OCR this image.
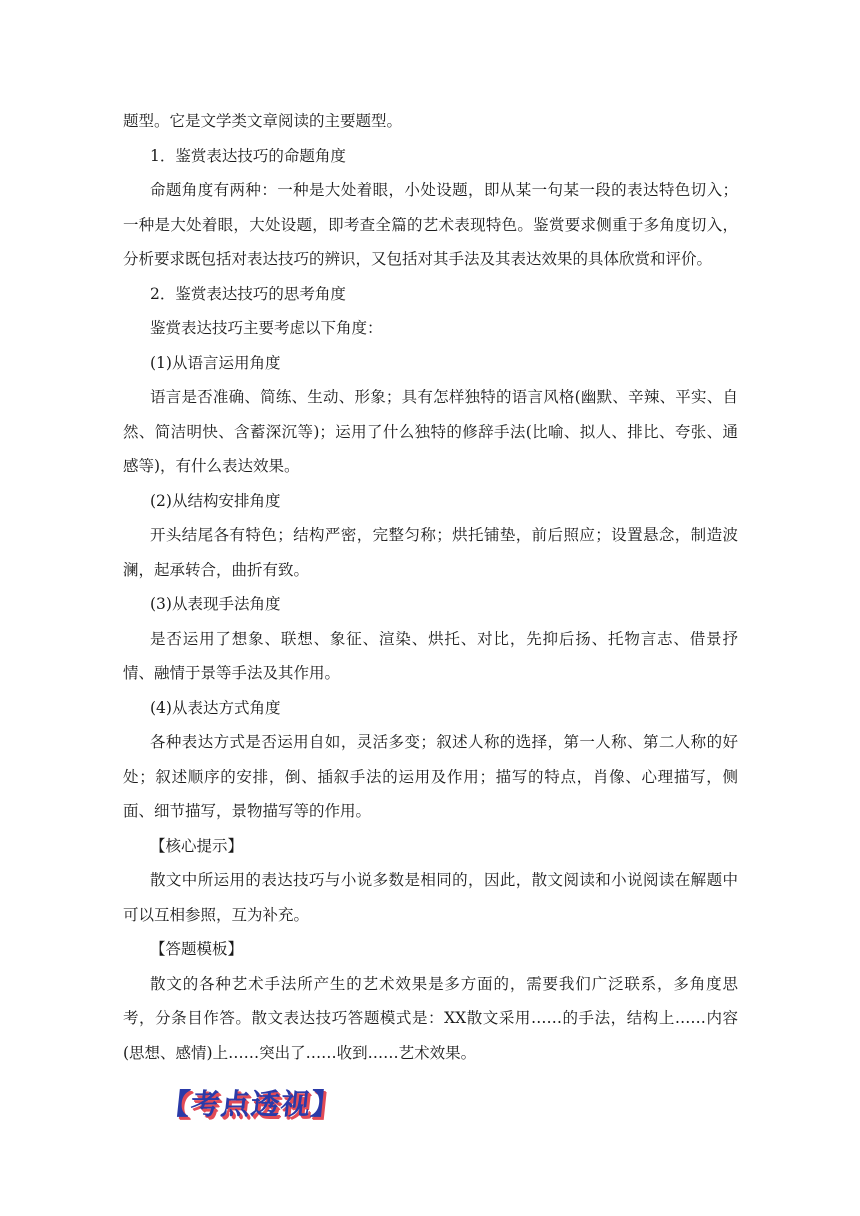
题型。它是文学类文章阅读的主要题型。

1．鉴赏表达技巧的命题角度

命题角度有两种：一种是大处着眼，小处设题，即从某一句某一段的表达特色切入；一种是大处着眼，大处设题，即考查全篇的艺术表现特色。鉴赏要求侧重于多角度切入，分析要求既包括对表达技巧的辨识，又包括对其手法及其表达效果的具体欣赏和评价。

2．鉴赏表达技巧的思考角度

鉴赏表达技巧主要考虑以下角度：

(1)从语言运用角度

语言是否准确、简练、生动、形象；具有怎样独特的语言风格(幽默、辛辣、平实、自然、简洁明快、含蓄深沉等)；运用了什么独特的修辞手法(比喻、拟人、排比、夸张、通感等)，有什么表达效果。

(2)从结构安排角度

开头结尾各有特色；结构严密，完整匀称；烘托铺垫，前后照应；设置悬念，制造波澜，起承转合，曲折有致。

(3)从表现手法角度

是否运用了想象、联想、象征、渲染、烘托、对比，先抑后扬、托物言志、借景抒情、融情于景等手法及其作用。

(4)从表达方式角度

各种表达方式是否运用自如，灵活多变；叙述人称的选择，第一人称、第二人称的好处；叙述顺序的安排，倒、插叙手法的运用及作用；描写的特点，肖像、心理描写，侧面、细节描写，景物描写等的作用。

【核心提示】

散文中所运用的表达技巧与小说多数是相同的，因此，散文阅读和小说阅读在解题中可以互相参照，互为补充。

【答题模板】

散文的各种艺术手法所产生的艺术效果是多方面的，需要我们广泛联系，多角度思考，分条目作答。散文表达技巧答题模式是：XX散文采用……的手法，结构上……内容(思想、感情)上……突出了……收到……艺术效果。

【考点透视】
